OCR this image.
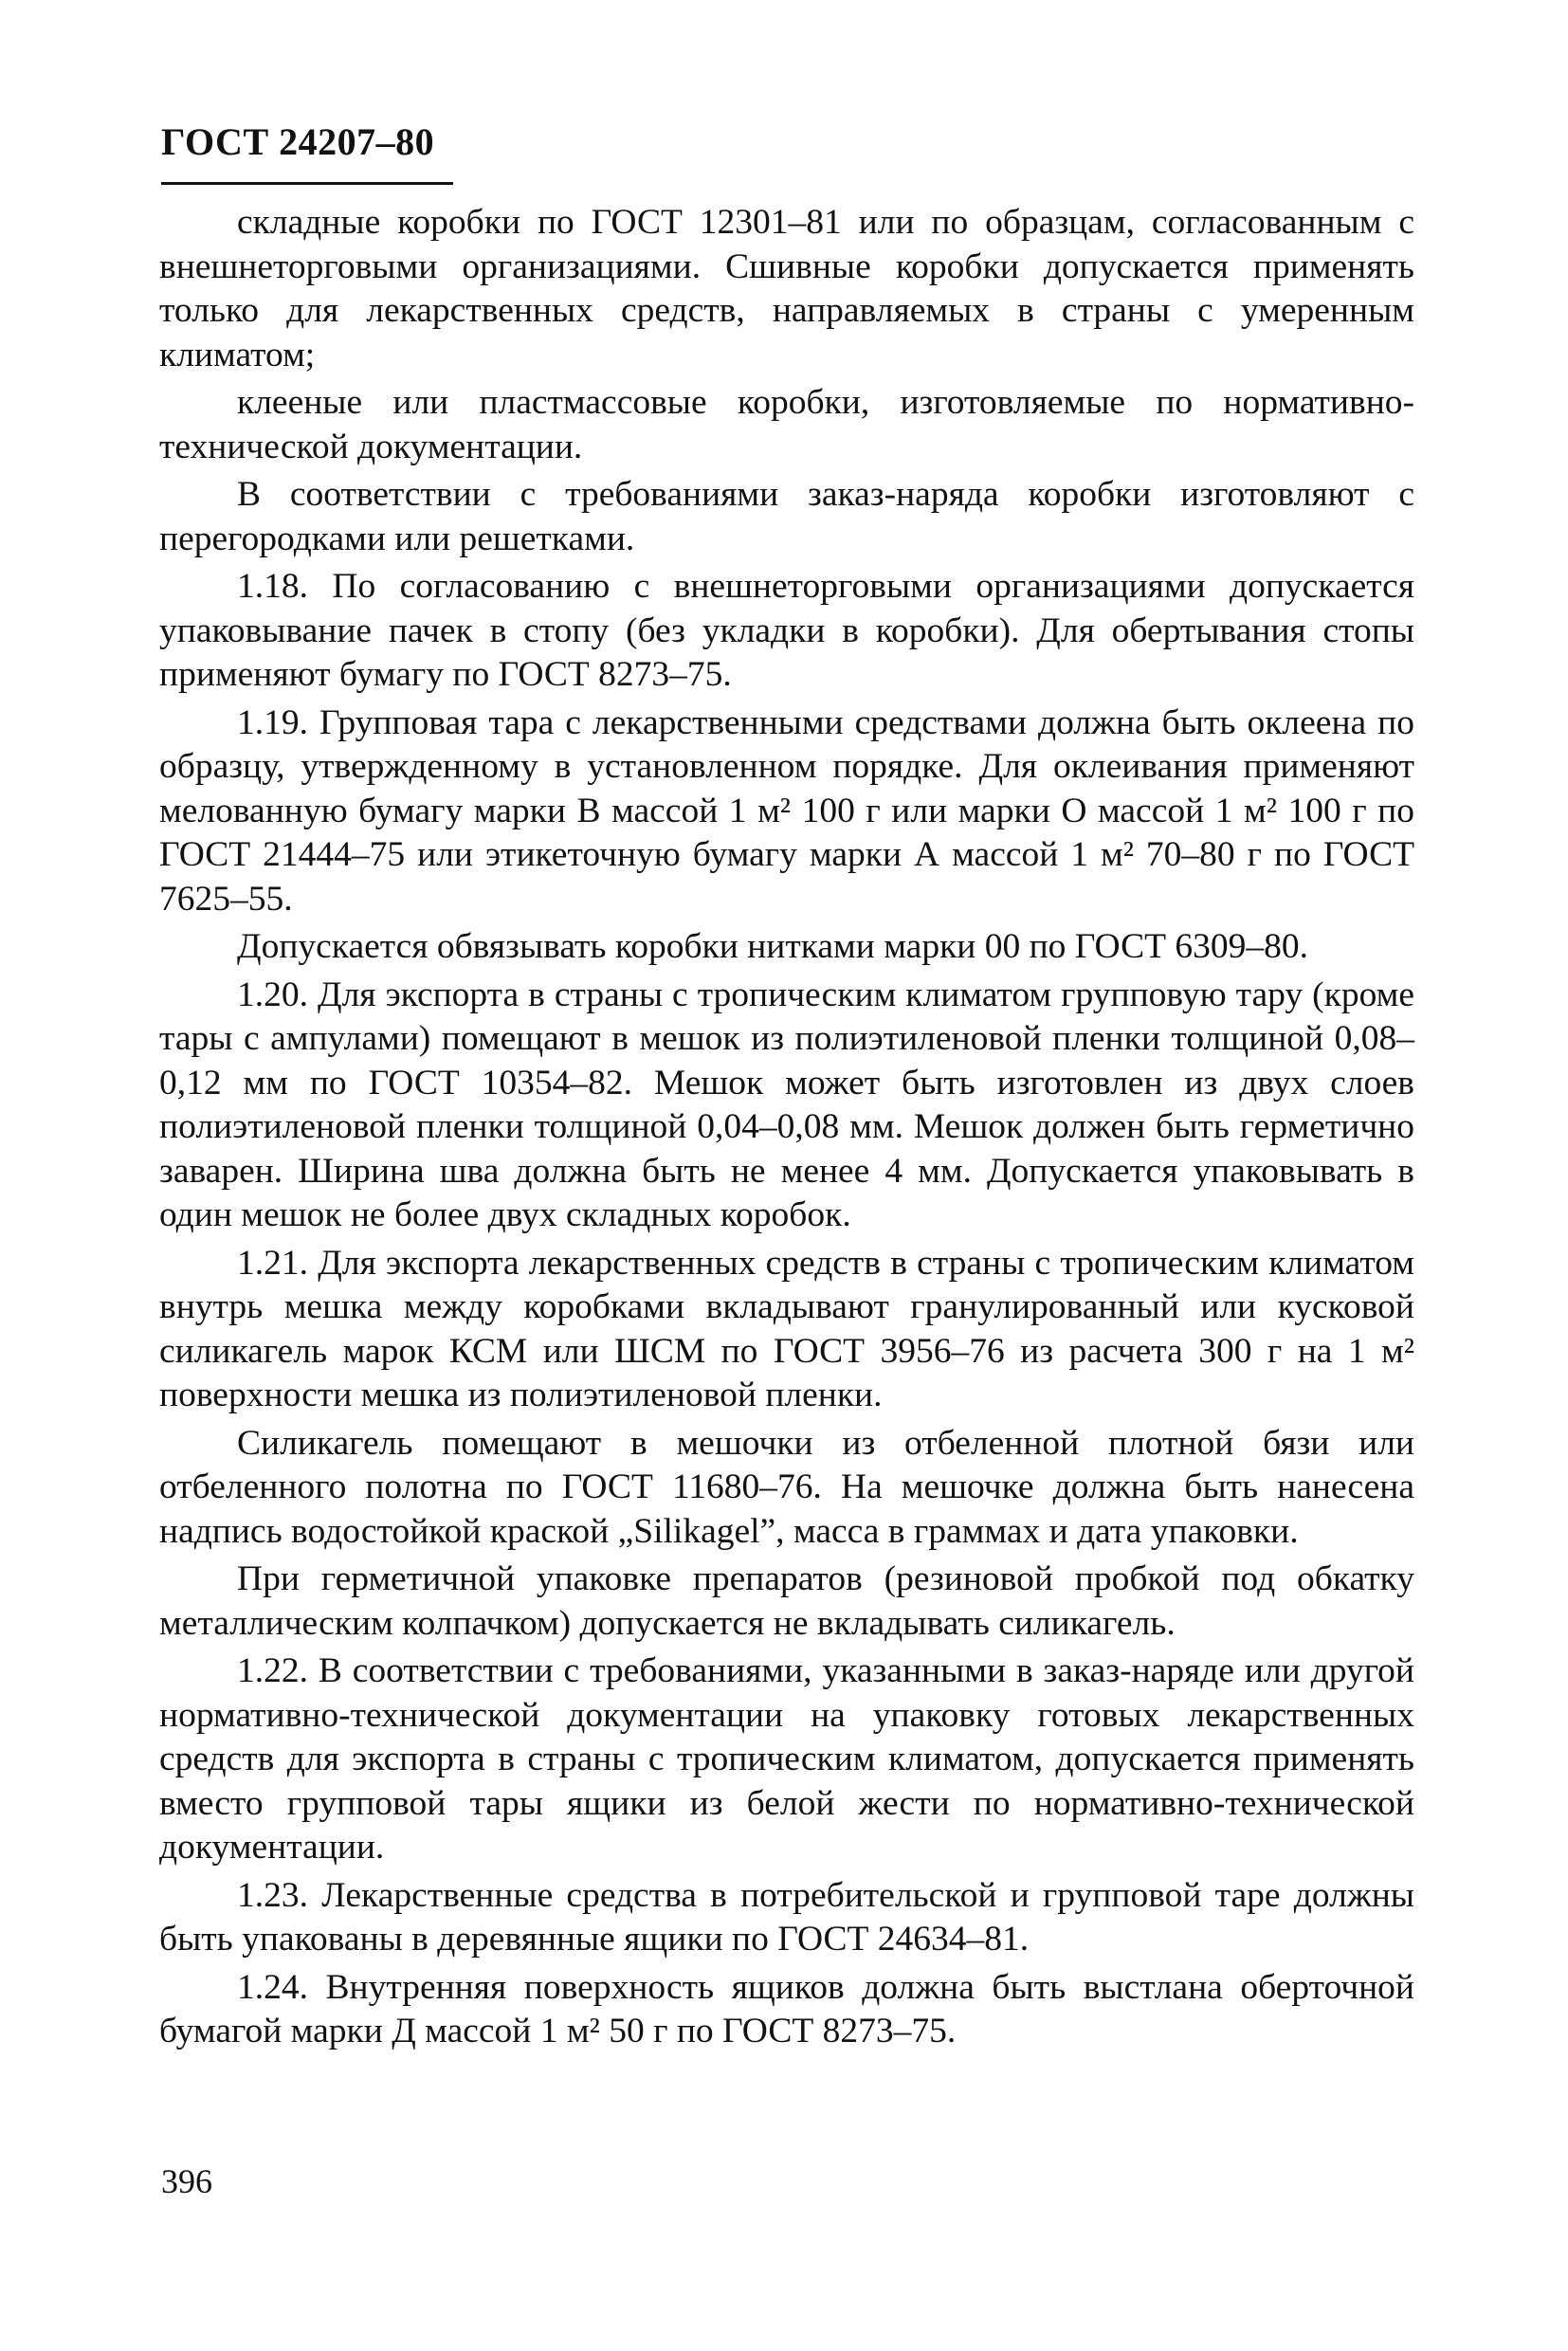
ГОСТ 24207–80

складные коробки по ГОСТ 12301–81 или по образцам, согласованным с внешнеторговыми организациями. Сшивные коробки допускается применять только для лекарственных средств, направляемых в страны с умеренным климатом;

клееные или пластмассовые коробки, изготовляемые по нормативно-технической документации.

В соответствии с требованиями заказ-наряда коробки изготовляют с перегородками или решетками.

1.18. По согласованию с внешнеторговыми организациями допускается упаковывание пачек в стопу (без укладки в коробки). Для обертывания стопы применяют бумагу по ГОСТ 8273–75.

1.19. Групповая тара с лекарственными средствами должна быть оклеена по образцу, утвержденному в установленном порядке. Для оклеивания применяют мелованную бумагу марки В массой 1 м² 100 г или марки О массой 1 м² 100 г по ГОСТ 21444–75 или этикеточную бумагу марки А массой 1 м² 70–80 г по ГОСТ 7625–55.

Допускается обвязывать коробки нитками марки 00 по ГОСТ 6309–80.

1.20. Для экспорта в страны с тропическим климатом групповую тару (кроме тары с ампулами) помещают в мешок из полиэтиленовой пленки толщиной 0,08–0,12 мм по ГОСТ 10354–82. Мешок может быть изготовлен из двух слоев полиэтиленовой пленки толщиной 0,04–0,08 мм. Мешок должен быть герметично заварен. Ширина шва должна быть не менее 4 мм. Допускается упаковывать в один мешок не более двух складных коробок.

1.21. Для экспорта лекарственных средств в страны с тропическим климатом внутрь мешка между коробками вкладывают гранулированный или кусковой силикагель марок КСМ или ШСМ по ГОСТ 3956–76 из расчета 300 г на 1 м² поверхности мешка из полиэтиленовой пленки.

Силикагель помещают в мешочки из отбеленной плотной бязи или отбеленного полотна по ГОСТ 11680–76. На мешочке должна быть нанесена надпись водостойкой краской „Silikagel”, масса в граммах и дата упаковки.

При герметичной упаковке препаратов (резиновой пробкой под обкатку металлическим колпачком) допускается не вкладывать силикагель.

1.22. В соответствии с требованиями, указанными в заказ-наряде или другой нормативно-технической документации на упаковку готовых лекарственных средств для экспорта в страны с тропическим климатом, допускается применять вместо групповой тары ящики из белой жести по нормативно-технической документации.

1.23. Лекарственные средства в потребительской и групповой таре должны быть упакованы в деревянные ящики по ГОСТ 24634–81.

1.24. Внутренняя поверхность ящиков должна быть выстлана оберточной бумагой марки Д массой 1 м² 50 г по ГОСТ 8273–75.

396
